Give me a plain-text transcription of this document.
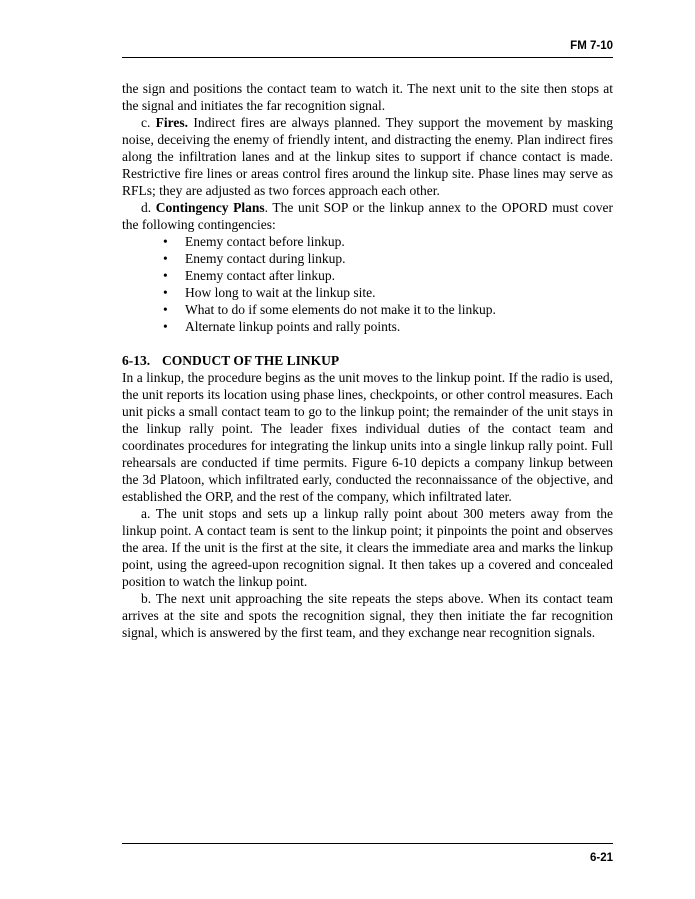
FM 7-10

the sign and positions the contact team to watch it. The next unit to the site then stops at the signal and initiates the far recognition signal.

c. Fires. Indirect fires are always planned. They support the movement by masking noise, deceiving the enemy of friendly intent, and distracting the enemy. Plan indirect fires along the infiltration lanes and at the linkup sites to support if chance contact is made. Restrictive fire lines or areas control fires around the linkup site. Phase lines may serve as RFLs; they are adjusted as two forces approach each other.

d. Contingency Plans. The unit SOP or the linkup annex to the OPORD must cover the following contingencies:

• Enemy contact before linkup.
• Enemy contact during linkup.
• Enemy contact after linkup.
• How long to wait at the linkup site.
• What to do if some elements do not make it to the linkup.
• Alternate linkup points and rally points.

6-13. CONDUCT OF THE LINKUP

In a linkup, the procedure begins as the unit moves to the linkup point. If the radio is used, the unit reports its location using phase lines, checkpoints, or other control measures. Each unit picks a small contact team to go to the linkup point; the remainder of the unit stays in the linkup rally point. The leader fixes individual duties of the contact team and coordinates procedures for integrating the linkup units into a single linkup rally point. Full rehearsals are conducted if time permits. Figure 6-10 depicts a company linkup between the 3d Platoon, which infiltrated early, conducted the reconnaissance of the objective, and established the ORP, and the rest of the company, which infiltrated later.

a. The unit stops and sets up a linkup rally point about 300 meters away from the linkup point. A contact team is sent to the linkup point; it pinpoints the point and observes the area. If the unit is the first at the site, it clears the immediate area and marks the linkup point, using the agreed-upon recognition signal. It then takes up a covered and concealed position to watch the linkup point.

b. The next unit approaching the site repeats the steps above. When its contact team arrives at the site and spots the recognition signal, they then initiate the far recognition signal, which is answered by the first team, and they exchange near recognition signals.

6-21
